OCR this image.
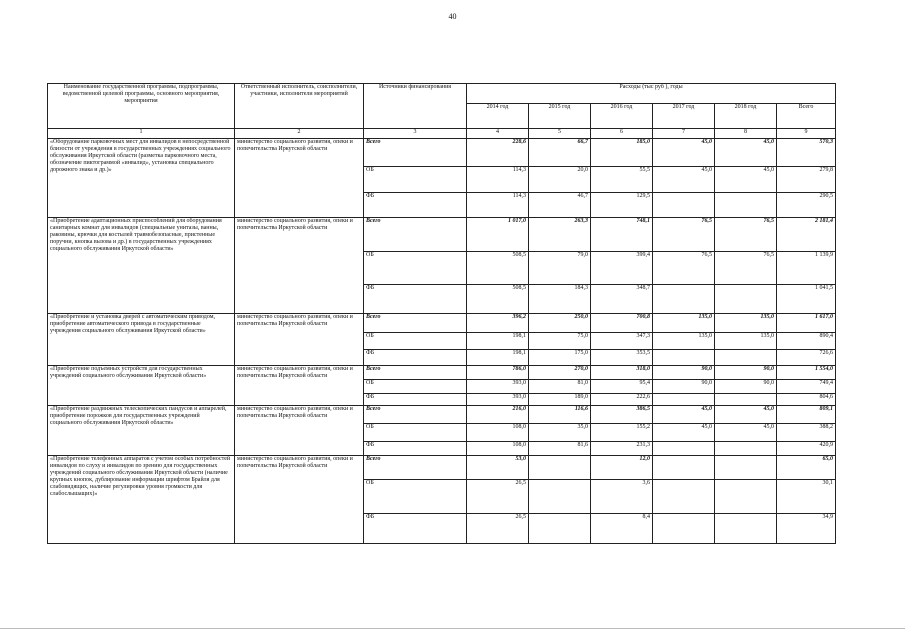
40
Наименование государственной программы, подпрограммы, ведомственной целевой программы, основного мероприятия, мероприятия	Ответственный исполнитель, соисполнители, участники, исполнители мероприятий	Источники финансирования	Расходы (тыс руб ), годы					
			2014 год	2015 год	2016 год	2017 год	2018 год	Всего
1	2	3	4	5	6	7	8	9
«Оборудование парковочных мест для инвалидов в непосредственной близости от учреждения в государственных учреждениях социального обслуживания Иркутской области (разметка парковочного места, обозначение пиктограммой «инвалид», установка специального дорожного знака и др.)»	министерство социального развития, опеки и попечительства Иркутской области	Всего	228,6	66,7	185,0	45,0	45,0	570,3
		ОБ	114,3	20,0	55,5	45,0	45,0	279,8
		ФБ	114,3	46,7	129,5			290,5
«Приобретение адаптационных приспособлений для оборудования санитарных комнат для инвалидов (специальные унитазы, ванны, раковины, крючки для костылей травмобезопасные, пристенные поручни, кнопка вызова и др.) в государственных учреждениях социального обслуживания Иркутской области»	министерство социального развития, опеки и попечительства Иркутской области	Всего	1 017,0	263,3	748,1	76,5	76,5	2 181,4
		ОБ	508,5	79,0	399,4	76,5	76,5	1 139,9
		ФБ	508,5	184,3	348,7			1 041,5
«Приобретение и установка дверей с автоматическим приводом, приобретение автоматического привода в государственные учреждения социального обслуживания Иркутской области»	министерство социального развития, опеки и попечительства Иркутской области	Всего	396,2	250,0	700,8	135,0	135,0	1 617,0
		ОБ	198,1	75,0	347,3	135,0	135,0	890,4
		ФБ	198,1	175,0	353,5			726,6
«Приобретение подъемных устройств для государственных учреждений социального обслуживания Иркутской области»	министерство социального развития, опеки и попечительства Иркутской области	Всего	786,0	270,0	318,0	90,0	90,0	1 554,0
		ОБ	393,0	81,0	95,4	90,0	90,0	749,4
		ФБ	393,0	189,0	222,6			804,6
«Приобретение раздвижных телескопических пандусов и аппарелей, приобретение порожков для государственных учреждений социального обслуживания Иркутской области»	министерство социального развития, опеки и попечительства Иркутской области	Всего	216,0	116,6	386,5	45,0	45,0	809,1
		ОБ	108,0	35,0	155,2	45,0	45,0	388,2
		ФБ	108,0	81,6	231,3			420,9
«Приобретение телефонных аппаратов с учетом особых потребностей инвалидов по слуху и инвалидов по зрению для государственных учреждений социального обслуживания Иркутской области (наличие крупных кнопок, дублирование информации шрифтом Брайля для слабовидящих, наличие регулировки уровня громкости для слабослышащих)»	министерство социального развития, опеки и попечительства Иркутской области	Всего	53,0		12,0			65,0
		ОБ	26,5		3,6			30,1
		ФБ	26,5		8,4			34,9
